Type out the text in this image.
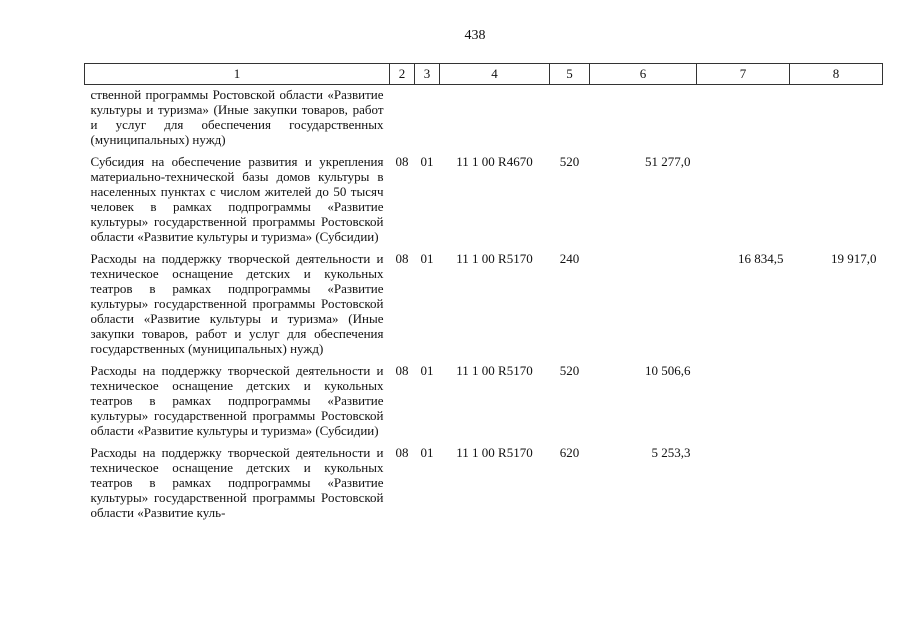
438
1	2	3	4	5	6	7	8
ственной программы Ростовской области «Развитие культуры и туризма» (Иные закупки товаров, работ и услуг для обеспечения государственных (муниципальных) нужд)							
Субсидия на обеспечение развития и укрепления материально-технической базы домов культуры в населенных пунктах с числом жителей до 50 тысяч человек в рамках подпрограммы «Развитие культуры» государственной программы Ростовской области «Развитие культуры и туризма» (Субсидии)	08	01	11 1 00 R4670	520	51 277,0		
Расходы на поддержку творческой деятельности и техническое оснащение детских и кукольных театров в рамках подпрограммы «Развитие культуры» государственной программы Ростовской области «Развитие культуры и туризма» (Иные закупки товаров, работ и услуг для обеспечения государственных (муниципальных) нужд)	08	01	11 1 00 R5170	240		16 834,5	19 917,0
Расходы на поддержку творческой деятельности и техническое оснащение детских и кукольных театров в рамках подпрограммы «Развитие культуры» государственной программы Ростовской области «Развитие культуры и туризма» (Субсидии)	08	01	11 1 00 R5170	520	10 506,6		
Расходы на поддержку творческой деятельности и техническое оснащение детских и кукольных театров в рамках подпрограммы «Развитие культуры» государственной программы Ростовской области «Развитие куль-	08	01	11 1 00 R5170	620	5 253,3		
